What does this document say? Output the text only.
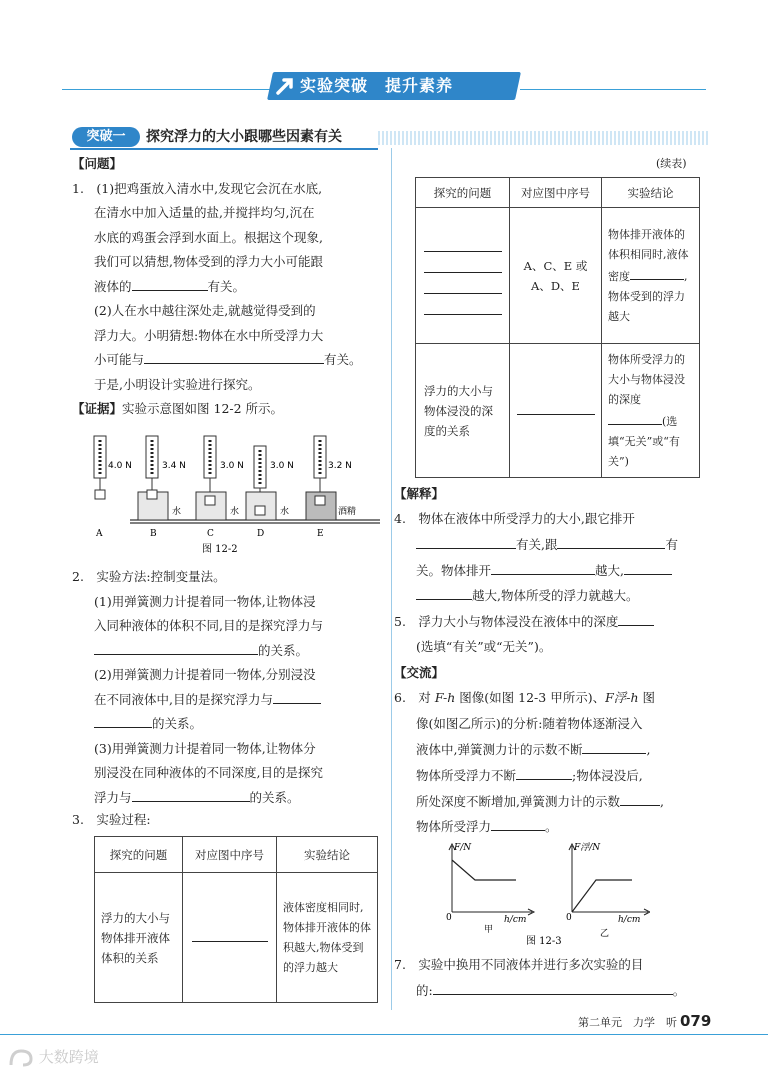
实验突破　提升素养
突破一	探究浮力的大小跟哪些因素有关
【问题】
1.　(1)把鸡蛋放入清水中,发现它会沉在水底,
在清水中加入适量的盐,并搅拌均匀,沉在
水底的鸡蛋会浮到水面上。根据这个现象,
我们可以猜想,物体受到的浮力大小可能跟
液体的	有关。
(2)人在水中越往深处走,就越觉得受到的
浮力大。小明猜想:物体在水中所受浮力大
小可能与	有关。
于是,小明设计实验进行探究。
【证据】实验示意图如图 12-2 所示。
4.0 N	3.4 N	3.0 N	3.0 N	3.2 N
水	水	水	酒精
A	B	C	D	E
图 12-2
2.　实验方法:控制变量法。
(1)用弹簧测力计提着同一物体,让物体浸
入同种液体的体积不同,目的是探究浮力与
的关系。
(2)用弹簧测力计提着同一物体,分别浸没
在不同液体中,目的是探究浮力与
的关系。
(3)用弹簧测力计提着同一物体,让物体分
别浸没在同种液体的不同深度,目的是探究
浮力与	的关系。
3.　实验过程:
探究的问题	对应图中序号	实验结论
浮力的大小与物体排开液体体积的关系		液体密度相同时,物体排开液体的体积越大,物体受到的浮力越大
(续表)
探究的问题	对应图中序号	实验结论

	A、C、E 或 A、D、E	物体排开液体的体积相同时,液体密度 ,物体受到的浮力越大
浮力的大小与物体浸没的深度的关系		物体所受浮力的大小与物体浸没的深度(选填“无关”或“有关”)
【解释】
4.　物体在液体中所受浮力的大小,跟它排开
有关,跟	有
关。物体排开	越大,
越大,物体所受的浮力就越大。
5.　浮力大小与物体浸没在液体中的深度
(选填“有关”或“无关”)。
【交流】
6.　对 F-h 图像(如图 12-3 甲所示)、F浮-h 图
像(如图乙所示)的分析:随着物体逐渐浸入
液体中,弹簧测力计的示数不断	,
物体所受浮力不断	;物体浸没后,
所处深度不断增加,弹簧测力计的示数	,
物体所受浮力	。
F/N
0	h/cm
甲
F浮/N
0	h/cm
乙
图 12-3
7.　实验中换用不同液体并进行多次实验的目
的:	。
第二单元　力学　听 079
大数跨境
